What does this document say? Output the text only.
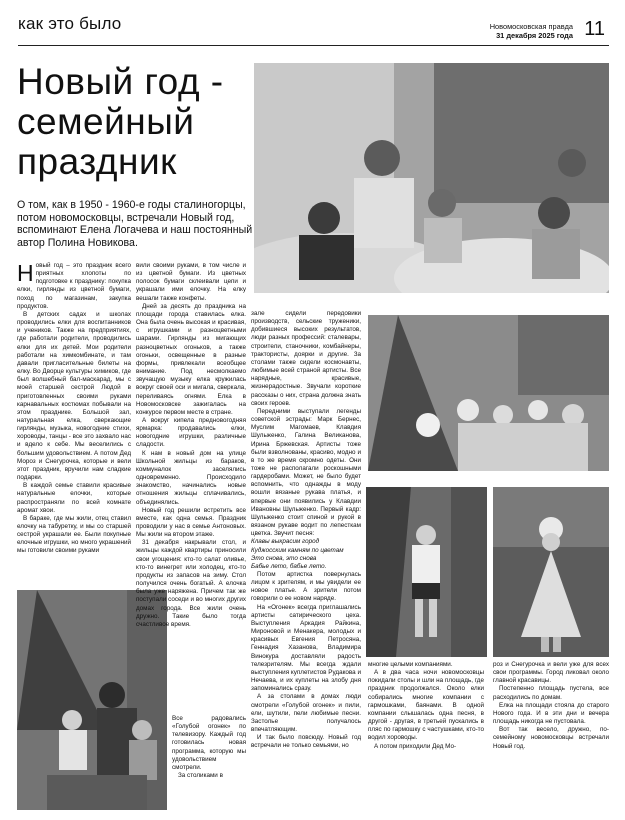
как это было	Новомосковская правда
31 декабря 2025 года 11
Новый год -
семейный
праздник
О том, как в 1950 - 1960-е годы сталиногорцы, потом новомосковцы, встречали Новый год, вспоминают Елена Логачева и наш постоянный автор Полина Новикова.

Новый год – это праздник всего приятных хлопоты по подготовке к празднику: покупка елки, гирлянды из цветной бумаги, поход по магазинам, закупка продуктов.

В детских садах и школах проводились елки для воспитанников и учеников. Также на предприятиях, где работали родители, проводились елки для их детей. Мои родители работали на химкомбинате, и там давали пригласительные билеты на елку. Во Дворце культуры химиков, где был волшебный бал-маскарад, мы с моей старшей сестрой Людой в приготовленных своими руками карнавальных костюмах побывали на этом празднике. Большой зал, натуральная елка, сверкающие гирлянды, музыка, новогодние стихи, хороводы, танцы - все это захвало нас и вдело к себе. Мы веселились с большим удовольствием. А потом Дед Мороз и Снегурочка, которые и вели этот праздник, вручили нам сладкие подарки.

В каждой семье ставили красивые натуральные елочки, которые распространяли по всей комнате аромат хвои.

В бараке, где мы жили, отец ставил елочку на табуретку, и мы со старшей сестрой украшали ее. Были покупные елочные игрушки, но много украшений мы готовили своими руками

вили своими руками, в том числе и из цветной бумаги. Из цветных полосок бумаги склеивали цепи и украшали ими елочку. На елку вешали также конфеты.

Дней за десять до праздника на площади города ставилась елка. Она была очень высокая и красивая, с игрушками и разноцветными шарами. Гирлянды из мигающих разноцветных огоньков, а также огоньки, освещенные в разные формы, привлекали всеобщее внимание. Под несмолкаемо звучащую музыку елка кружилась вокруг своей оси и мигала, сверкала, переливаясь огнями. Елка в Новомосковске зажигалась на конкурсе первом месте в стране.

А вокруг кипела предновогодняя ярмарка: продавались елки, новогодние игрушки, различные сладости.

К нам в новый дом на улице Школьной жильцы из бараков, коммуналок заселялись одновременно. Происходило знакомство, начинались новые отношения жильцы сплачивались, объединялись.

Новый год решили встретить все вместе, как одна семья. Праздник проводили у нас в семье Антоновых. Мы жили на втором этаже.

31 декабря накрывали стол, и жильцы каждой квартиры приносили свои угощения: кто-то салат оливье, кто-то винегрет или холодец, кто-то продукты из запасов на зиму. Стол получился очень богатый. А елочка была уже наряжена. Причем так же поступали соседи и во многих других домах города. Все жили очень дружно. Такие было тогда счастливое время.

Все радовались «Голубой огонек» по телевизору. Каждый год готовилась новая программа, которую мы удовольствием смотрели.

За столиками в

зале сидели передовики производств, сельские труженики, добившиеся высоких результатов, люди разных профессий: сталевары, строители, станочники, комбайнеры, трактористы, доярки и другие. За столами также сидели космонавты, любимые всей страной артисты. Все нарядные, красивые, жизнерадостные. Звучали короткие рассказы о них, страна должна знать своих героев.

Передними выступали легенды советской эстрады: Марк Бернес, Муслим Магомаев, Клавдия Шульженко, Галина Великанова, Ирина Бржевская. Артисты тоже были взволнованы, красиво, модно и в то же время скромно одеты. Они тоже не располагали роскошными гардеробами. Может, не было будет вспомнить, что однажды в моду вошли вязаные рукава платья, и впервые они появились у Клавдии Ивановны Шульженко. Первый кадр: Шульженко стоит спиной и рукой в вязаном рукаве водит по лепесткам цветка. Звучит песня:

Клавы выкрасим город
Куджосским камням по цветам
Это снова, это снова
Бабье лето, бабье лето.

Потом артистка повернулась лицом к зрителям, и мы увидели ее новое платье. А зрители потом говорили о ее новом наряде.

На «Огонек» всегда приглашались артисты сатирического цеха. Выступления Аркадия Райкина, Мироновой и Менакера, молодых и красивых Евгения Петросяна, Геннадия Хазанова, Владимира Винокура доставляли радость телезрителям. Мы всегда ждали выступления куплетистов Рудакова и Нечаева, и их куплеты на злобу дня запоминались сразу.

А за столами в домах люди смотрели «Голубой огонек» и пили, ели, шутили, пели любимые песни. Застолье получалось впечатляющим.

И так было повсюду. Новый год встречали не только семьями, но

многие целыми компаниями.

А в два часа ночи новомосковцы покидали столы и шли на площадь, где праздник продолжался. Около елки собирались многие компании с гармошками, баянами. В одной компании слышалась одна песня, в другой - другая, в третьей пускались в пляс по гармошку с частушками, кто-то водил хороводы.

А потом приходили Дед Мо-

роз и Снегурочка и вели уже для всех свои программы. Город ликовал около главной красавицы.

Постепенно площадь пустела, все расходились по домам.

Елка на площади стояла до старого Нового года. И в эти дни и вечера площадь никогда не пустовала.

Вот так весело, дружно, по-семейному новомосковцы встречали Новый год.
